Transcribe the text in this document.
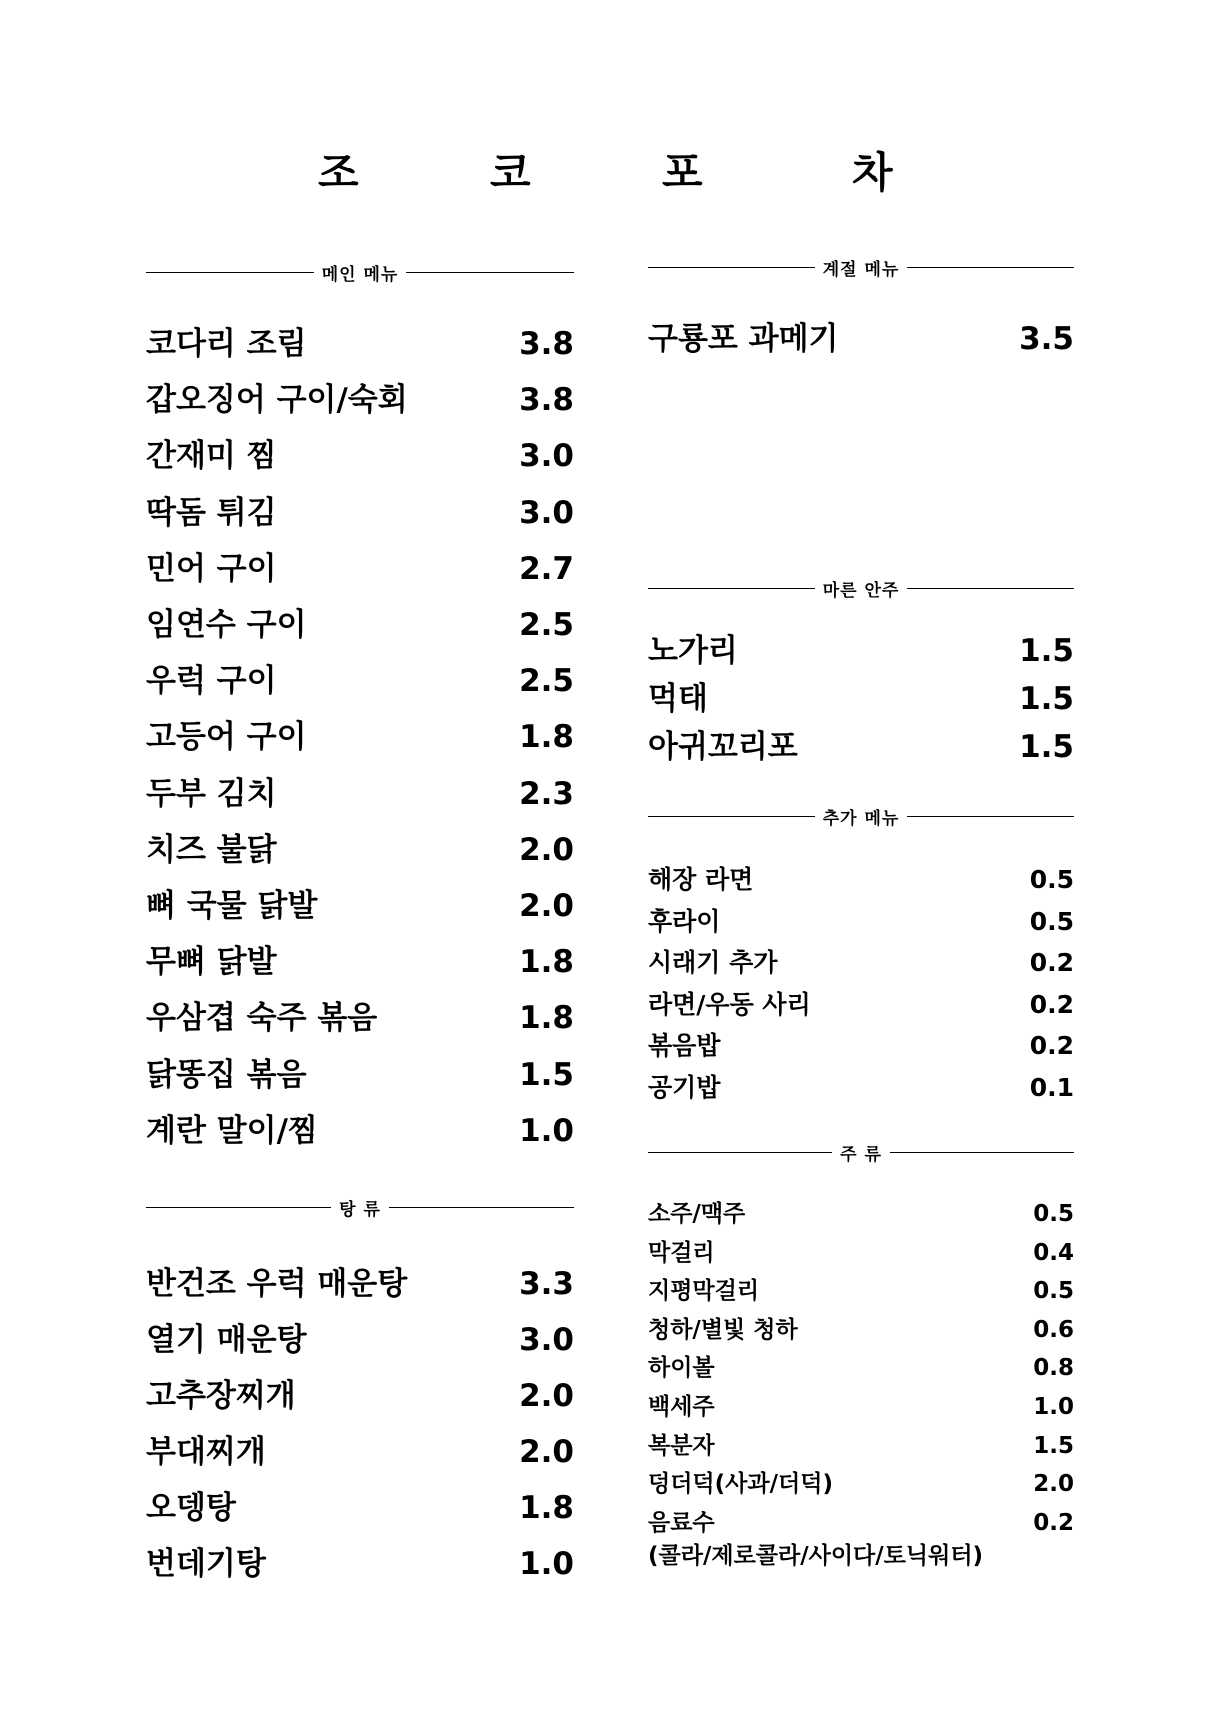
조	코	포	차
메인 메뉴
코다리 조림	3.8
갑오징어 구이/숙회	3.8
간재미 찜	3.0
딱돔 튀김	3.0
민어 구이	2.7
임연수 구이	2.5
우럭 구이	2.5
고등어 구이	1.8
두부 김치	2.3
치즈 불닭	2.0
뼈 국물 닭발	2.0
무뼈 닭발	1.8
우삼겹 숙주 볶음	1.8
닭똥집 볶음	1.5
계란 말이/찜	1.0
탕 류
반건조 우럭 매운탕	3.3
열기 매운탕	3.0
고추장찌개	2.0
부대찌개	2.0
오뎅탕	1.8
번데기탕	1.0
계절 메뉴
구룡포 과메기	3.5
마른 안주
노가리	1.5
먹태	1.5
아귀꼬리포	1.5
추가 메뉴
해장 라면	0.5
후라이	0.5
시래기 추가	0.2
라면/우동 사리	0.2
볶음밥	0.2
공기밥	0.1
주 류
소주/맥주	0.5
막걸리	0.4
지평막걸리	0.5
청하/별빛 청하	0.6
하이볼	0.8
백세주	1.0
복분자	1.5
덩더덕(사과/더덕)	2.0
음료수	0.2
(콜라/제로콜라/사이다/토닉워터)
